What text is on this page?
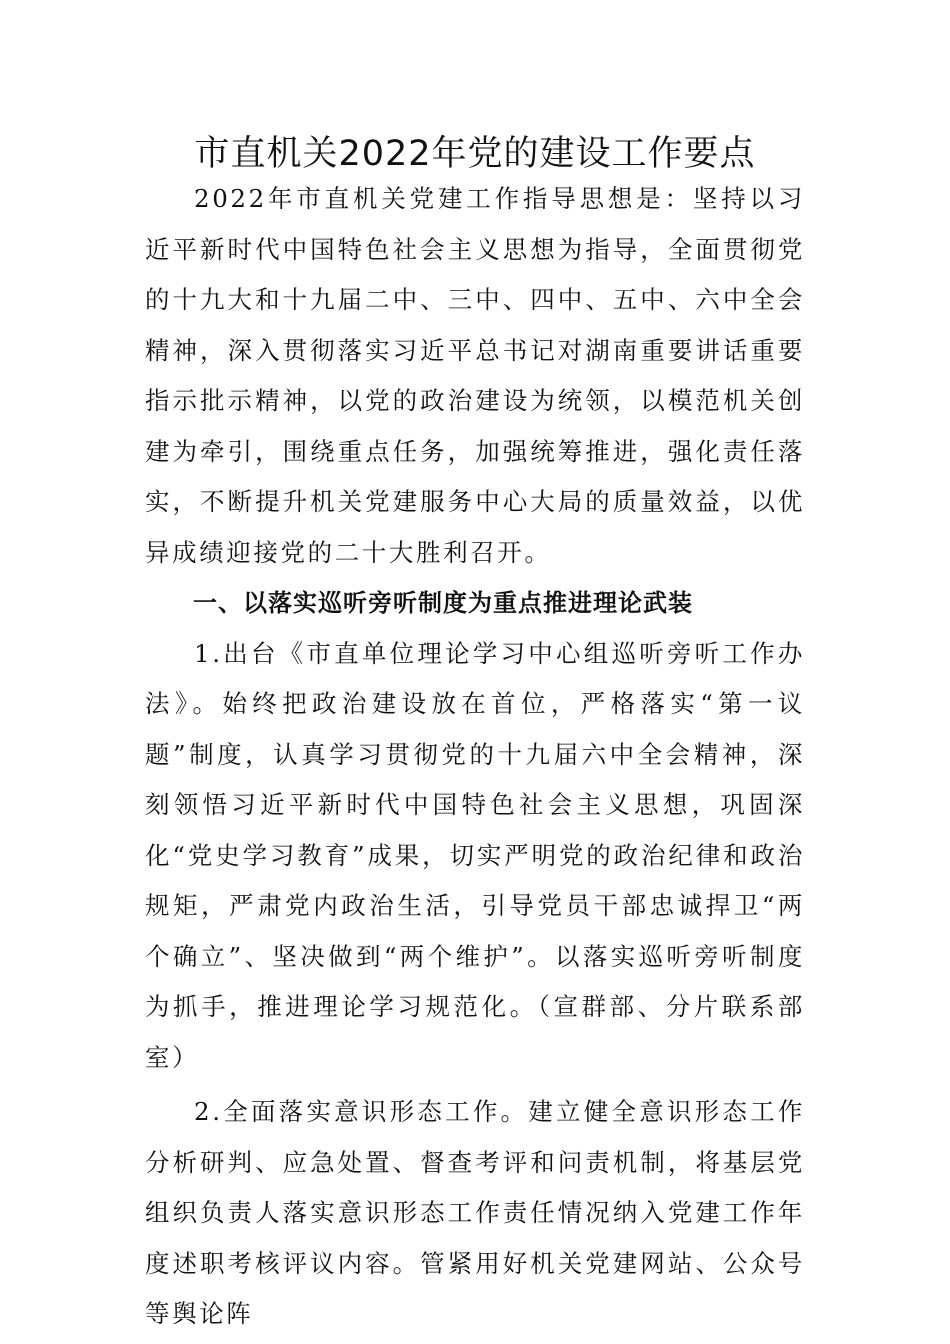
市直机关2022年党的建设工作要点

2022年市直机关党建工作指导思想是：坚持以习近平新时代中国特色社会主义思想为指导，全面贯彻党的十九大和十九届二中、三中、四中、五中、六中全会精神，深入贯彻落实习近平总书记对湖南重要讲话重要指示批示精神，以党的政治建设为统领，以模范机关创建为牵引，围绕重点任务，加强统筹推进，强化责任落实，不断提升机关党建服务中心大局的质量效益，以优异成绩迎接党的二十大胜利召开。

一、以落实巡听旁听制度为重点推进理论武装

1.出台《市直单位理论学习中心组巡听旁听工作办法》。始终把政治建设放在首位，严格落实“第一议题”制度，认真学习贯彻党的十九届六中全会精神，深刻领悟习近平新时代中国特色社会主义思想，巩固深化“党史学习教育”成果，切实严明党的政治纪律和政治规矩，严肃党内政治生活，引导党员干部忠诚捍卫“两 个确立”、坚决做到“两个维护”。以落实巡听旁听制度为抓手，推进理论学习规范化。（宣群部、分片联系部室）

2.全面落实意识形态工作。建立健全意识形态工作分析研判、应急处置、督查考评和问责机制，将基层党组织负责人落实意识形态工作责任情况纳入党建工作年度述职考核评议内容。管紧用好机关党建网站、公众号等舆论阵
